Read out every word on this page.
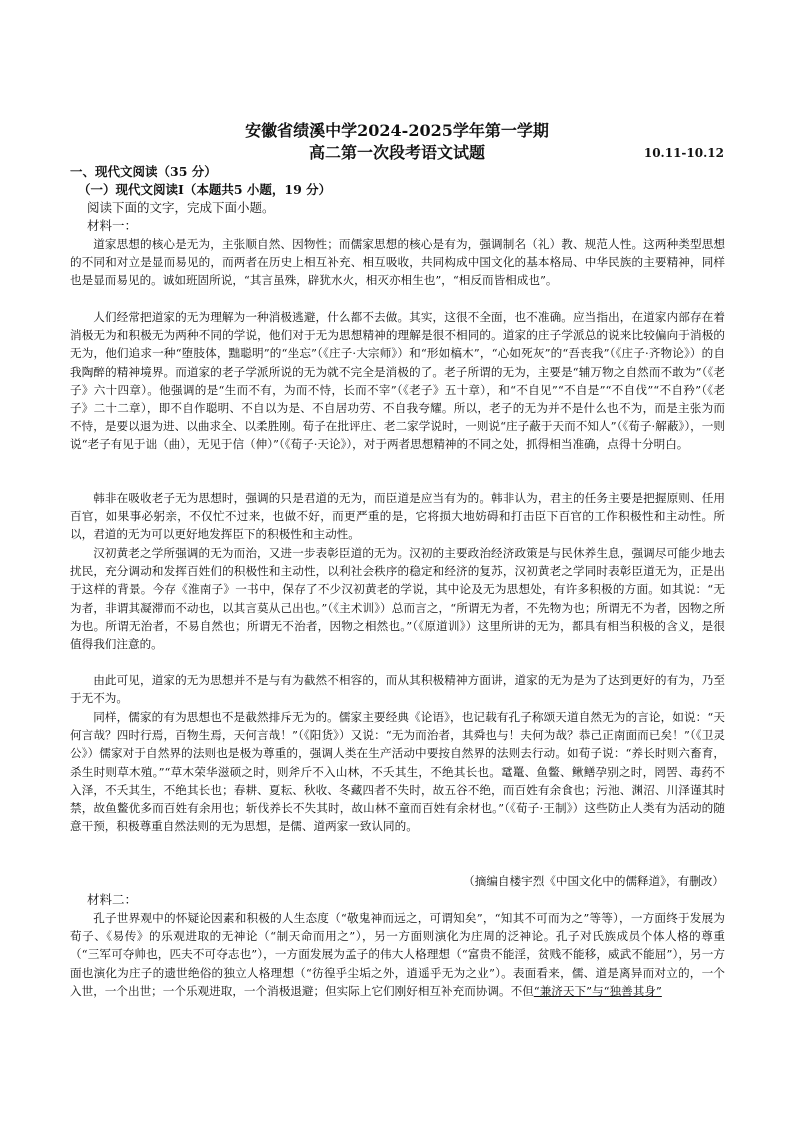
安徽省绩溪中学2024-2025学年第一学期
高二第一次段考语文试题	10.11-10.12
一、现代文阅读（35 分）
（一）现代文阅读Ⅰ（本题共5 小题，19 分）
阅读下面的文字，完成下面小题。
材料一：

道家思想的核心是无为，主张顺自然、因物性；而儒家思想的核心是有为，强调制名（礼）教、规范人性。这两种类型思想的不同和对立是显而易见的，而两者在历史上相互补充、相互吸收，共同构成中国文化的基本格局、中华民族的主要精神，同样也是显而易见的。诚如班固所说，“其言虽殊，辟犹水火，相灭亦相生也”，“相反而皆相成也”。

人们经常把道家的无为理解为一种消极逃避，什么都不去做。其实，这很不全面，也不准确。应当指出，在道家内部存在着消极无为和积极无为两种不同的学说，他们对于无为思想精神的理解是很不相同的。道家的庄子学派总的说来比较偏向于消极的无为，他们追求一种“堕肢体，黜聪明”的“坐忘”（《庄子·大宗师》）和“形如槁木”，“心如死灰”的“吾丧我”（《庄子·齐物论》）的自我陶醉的精神境界。而道家的老子学派所说的无为就不完全是消极的了。老子所谓的无为，主要是“辅万物之自然而不敢为”（《老子》六十四章）。他强调的是“生而不有，为而不恃，长而不宰”（《老子》五十章），和“不自见”“不自是”“不自伐”“不自矜”（《老子》二十二章），即不自作聪明、不自以为是、不自居功劳、不自我夸耀。所以，老子的无为并不是什么也不为，而是主张为而不恃，是要以退为进、以曲求全、以柔胜刚。荀子在批评庄、老二家学说时，一则说“庄子蔽于天而不知人”（《荀子·解蔽》），一则说“老子有见于诎（曲），无见于信（伸）”（《荀子·天论》），对于两者思想精神的不同之处，抓得相当准确，点得十分明白。

韩非在吸收老子无为思想时，强调的只是君道的无为，而臣道是应当有为的。韩非认为，君主的任务主要是把握原则、任用百官，如果事必躬亲，不仅忙不过来，也做不好，而更严重的是，它将损大地妨碍和打击臣下百官的工作积极性和主动性。所以，君道的无为可以更好地发挥臣下的积极性和主动性。

汉初黄老之学所强调的无为而治，又进一步表彰臣道的无为。汉初的主要政治经济政策是与民休养生息，强调尽可能少地去扰民，充分调动和发挥百姓们的积极性和主动性，以利社会秩序的稳定和经济的复苏，汉初黄老之学同时表彰臣道无为，正是出于这样的背景。今存《淮南子》一书中，保存了不少汉初黄老的学说，其中论及无为思想处，有许多积极的方面。如其说：“无为者，非谓其凝滞而不动也，以其言莫从己出也。”（《主术训》）总而言之，“所谓无为者，不先物为也；所谓无不为者，因物之所为也。所谓无治者，不易自然也；所谓无不治者，因物之相然也。”（《原道训》）这里所讲的无为，都具有相当积极的含义，是很值得我们注意的。

由此可见，道家的无为思想并不是与有为截然不相容的，而从其积极精神方面讲，道家的无为是为了达到更好的有为，乃至于无不为。

同样，儒家的有为思想也不是截然排斥无为的。儒家主要经典《论语》，也记载有孔子称颂天道自然无为的言论，如说：“天何言哉？四时行焉，百物生焉，天何言哉！”（《阳货》）又说：“无为而治者，其舜也与！夫何为哉？恭己正南面而已矣！”（《卫灵公》）儒家对于自然界的法则也是极为尊重的，强调人类在生产活动中要按自然界的法则去行动。如荀子说：“养长时则六畜育，杀生时则草木殖。”“草木荣华滋硕之时，则斧斤不入山林，不夭其生，不绝其长也。鼋鼍、鱼鳖、鳅鳝孕别之时，罔罟、毒药不入泽，不夭其生，不绝其长也；春耕、夏耘、秋收、冬藏四者不失时，故五谷不绝，而百姓有余食也；污池、渊沼、川泽谨其时禁，故鱼鳖优多而百姓有余用也；斩伐养长不失其时，故山林不童而百姓有余材也。”（《荀子·王制》）这些防止人类有为活动的随意干预，积极尊重自然法则的无为思想，是儒、道两家一致认同的。

（摘编自楼宇烈《中国文化中的儒释道》，有删改）
材料二：

孔子世界观中的怀疑论因素和积极的人生态度（“敬鬼神而远之，可谓知矣”，“知其不可而为之”等等），一方面终于发展为荀子、《易传》的乐观进取的无神论（“制天命而用之”），另一方面则演化为庄周的泛神论。孔子对氏族成员个体人格的尊重（“三军可夺帅也，匹夫不可夺志也”），一方面发展为孟子的伟大人格理想（“富贵不能淫，贫贱不能移，威武不能屈”），另一方面也演化为庄子的遗世绝俗的独立人格理想（“彷徨乎尘垢之外，逍遥乎无为之业”）。表面看来，儒、道是离异而对立的，一个入世，一个出世；一个乐观进取，一个消极退避；但实际上它们刚好相互补充而协调。不但“兼济天下”与“独善其身”
